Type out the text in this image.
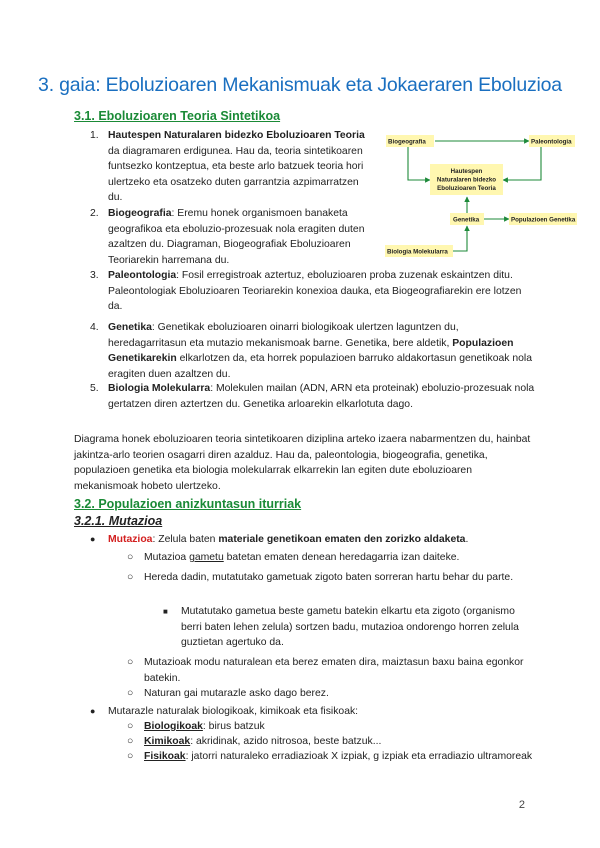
3. gaia: Eboluzioaren Mekanismuak eta Jokaeraren Eboluzioa
3.1. Eboluzioaren Teoria Sintetikoa
1. Hautespen Naturalaren bidezko Eboluzioaren Teoria da diagramaren erdigunea. Hau da, teoria sintetikoaren funtsezko kontzeptua, eta beste arlo batzuek teoria hori ulertzeko eta osatzeko duten garrantzia azpimarratzen du.
2. Biogeografia: Eremu honek organismoen banaketa geografikoa eta eboluzio-prozesuak nola eragiten duten azaltzen du. Diagraman, Biogeografiak Eboluzioaren Teoriarekin harremana du.
3. Paleontologia: Fosil erregistroak aztertuz, eboluzioaren proba zuzenak eskaintzen ditu. Paleontologiak Eboluzioaren Teoriarekin konexioa dauka, eta Biogeografiarekin ere lotzen da.
4. Genetika: Genetikak eboluzioaren oinarri biologikoak ulertzen laguntzen du, heredagarritasun eta mutazio mekanismoak barne. Genetika, bere aldetik, Populazioen Genetikarekin elkarlotzen da, eta horrek populazioen barruko aldakortasun genetikoak nola eragiten duen azaltzen du.
5. Biologia Molekularra: Molekulen mailan (ADN, ARN eta proteinak) eboluzio-prozesuak nola gertatzen diren aztertzen du. Genetika arloarekin elkarlotuta dago.
Diagrama honek eboluzioaren teoria sintetikoaren diziplina arteko izaera nabarmentzen du, hainbat jakintza-arlo teorien osagarri diren azalduz. Hau da, paleontologia, biogeografia, genetika, populazioen genetika eta biologia molekularrak elkarrekin lan egiten dute eboluzioaren mekanismoak hobeto ulertzeko.
Biogeografia	Paleontologia
Hautespen
Naturalaren bidezko
Eboluzioaren Teoria
Genetika	Populazioen Genetika
Biologia Molekularra
3.2. Populazioen anizkuntasun iturriak
3.2.1. Mutazioa
● Mutazioa: Zelula baten materiale genetikoan ematen den zorizko aldaketa.
○ Mutazioa gametu batetan ematen denean heredagarria izan daiteke.
○ Hereda dadin, mutatutako gametuak zigoto baten sorreran hartu behar du parte.
■ Mutatutako gametua beste gametu batekin elkartu eta zigoto (organismo berri baten lehen zelula) sortzen badu, mutazioa ondorengo horren zelula guztietan agertuko da.
○ Mutazioak modu naturalean eta berez ematen dira, maiztasun baxu baina egonkor batekin.
○ Naturan gai mutarazle asko dago berez.
● Mutarazle naturalak biologikoak, kimikoak eta fisikoak:
○ Biologikoak: birus batzuk
○ Kimikoak: akridinak, azido nitrosoa, beste batzuk...
○ Fisikoak: jatorri naturaleko erradiazioak X izpiak, g izpiak eta erradiazio ultramoreak
2
